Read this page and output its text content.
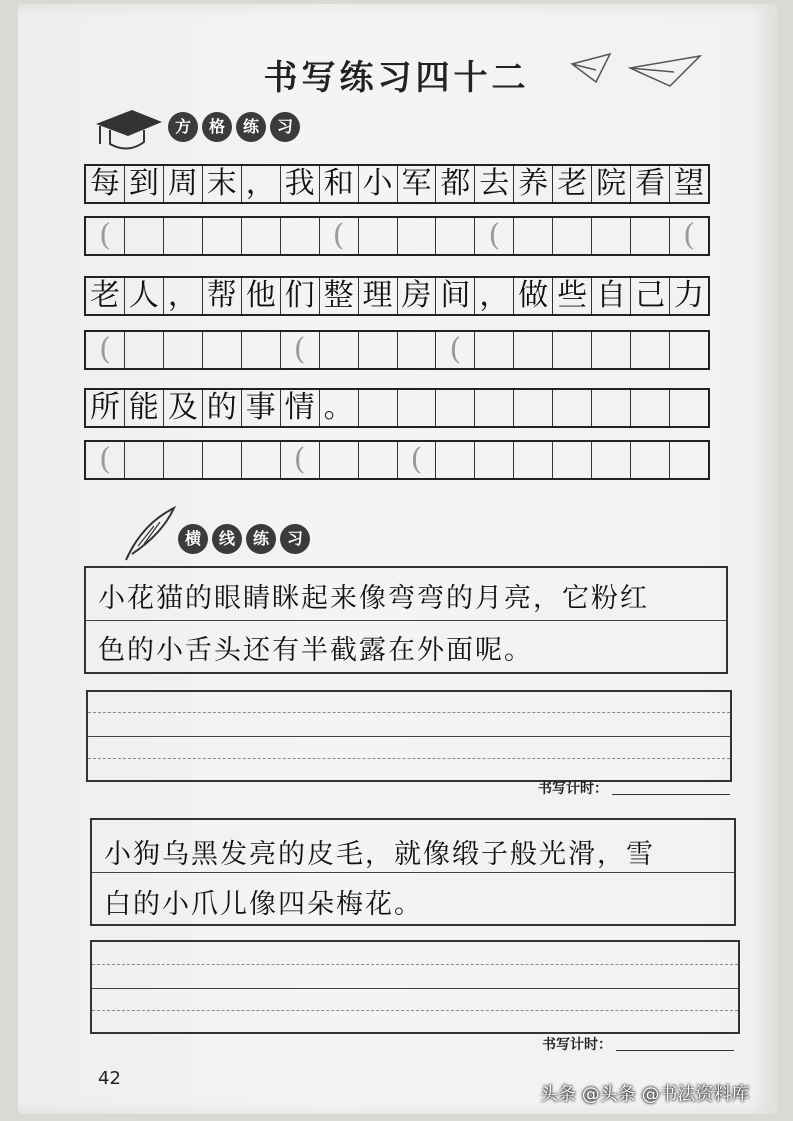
书写练习四十二
方	格	练	习
每 到 周 末 ， 我 和 小 军 都 去 养 老 院 看 望
(	(	(	(
老 人 ， 帮 他 们 整 理 房 间 ， 做 些 自 己 力
(	(	(
所 能 及 的 事 情 。
(	(	(
横	线	练	习
小花猫的眼睛眯起来像弯弯的月亮，它粉红
色的小舌头还有半截露在外面呢。
书写计时：
小狗乌黑发亮的皮毛，就像缎子般光滑，雪
白的小爪儿像四朵梅花。
书写计时：
42
头条 @头条 @书法资料库
